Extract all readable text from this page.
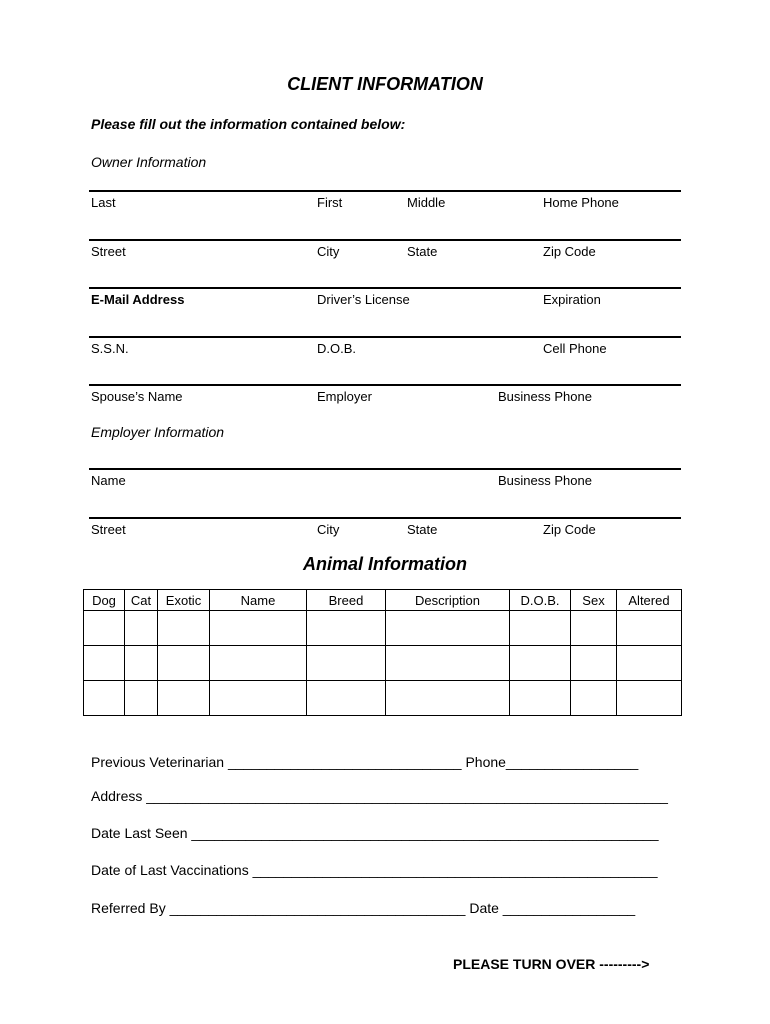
CLIENT INFORMATION
Please fill out the information contained below:
Owner Information
Last	First	Middle	Home Phone
Street	City	State	Zip Code
E-Mail Address	Driver’s License	Expiration
S.S.N.	D.O.B.	Cell Phone
Spouse’s Name	Employer	Business Phone
Employer Information
Name	Business Phone
Street	City	State	Zip Code
Animal Information
Dog	Cat	Exotic	Name	Breed	Description	D.O.B.	Sex	Altered

Previous Veterinarian ______________________________ Phone_________________
Address ___________________________________________________________________
Date Last Seen ____________________________________________________________
Date of Last Vaccinations ____________________________________________________
Referred By ______________________________________ Date _________________
PLEASE TURN OVER --------->
